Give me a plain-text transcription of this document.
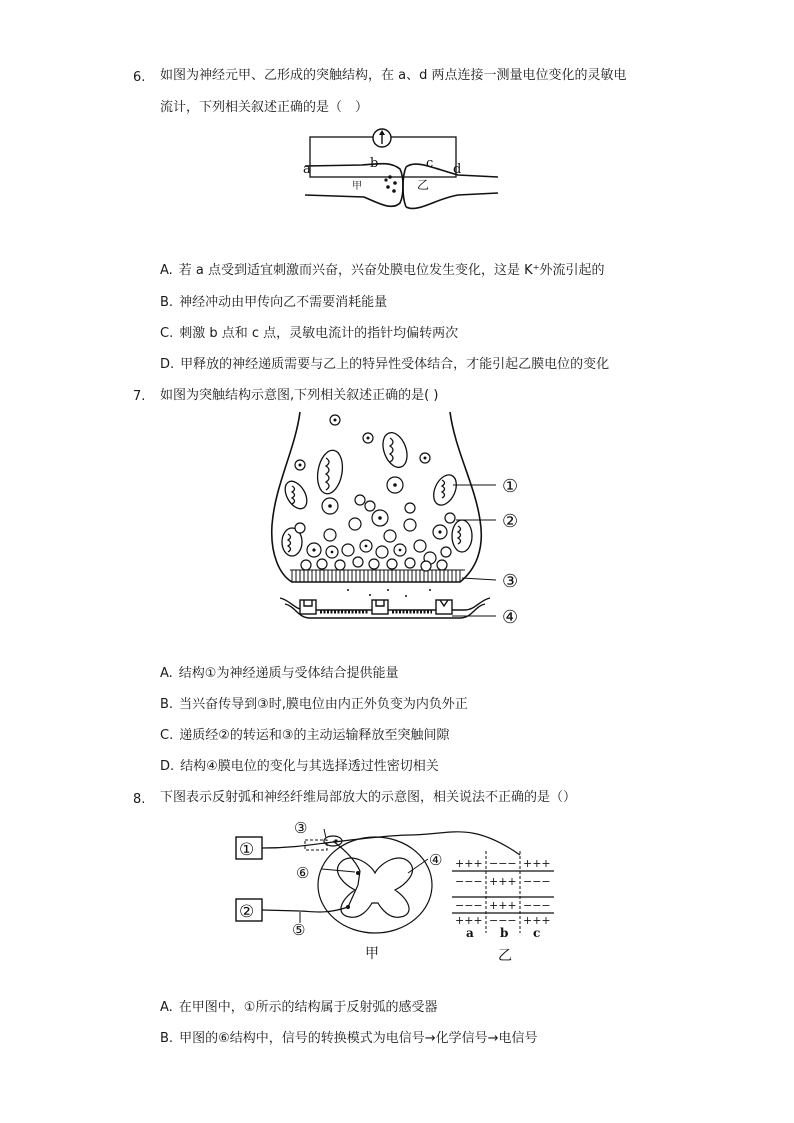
6. 如图为神经元甲、乙形成的突触结构，在 a、d 两点连接一测量电位变化的灵敏电
流计，下列相关叙述正确的是（　）
a	b	c d
甲	乙
A. 若 a 点受到适宜刺激而兴奋，兴奋处膜电位发生变化，这是 K⁺外流引起的
B. 神经冲动由甲传向乙不需要消耗能量
C. 刺激 b 点和 c 点，灵敏电流计的指针均偏转两次
D. 甲释放的神经递质需要与乙上的特异性受体结合，才能引起乙膜电位的变化
7. 如图为突触结构示意图,下列相关叙述正确的是( )
①
②
③
④
A. 结构①为神经递质与受体结合提供能量
B. 当兴奋传导到③时,膜电位由内正外负变为内负外正
C. 递质经②的转运和③的主动运输释放至突触间隙
D. 结构④膜电位的变化与其选择透过性密切相关
8. 下图表示反射弧和神经纤维局部放大的示意图，相关说法不正确的是（）
①
②
③
④
⑤
⑥
甲
+++ −−− +++
−−− +++ −−−
−−− +++ −−−
+++ −−− +++
a b c
乙
A. 在甲图中，①所示的结构属于反射弧的感受器
B. 甲图的⑥结构中，信号的转换模式为电信号→化学信号→电信号
